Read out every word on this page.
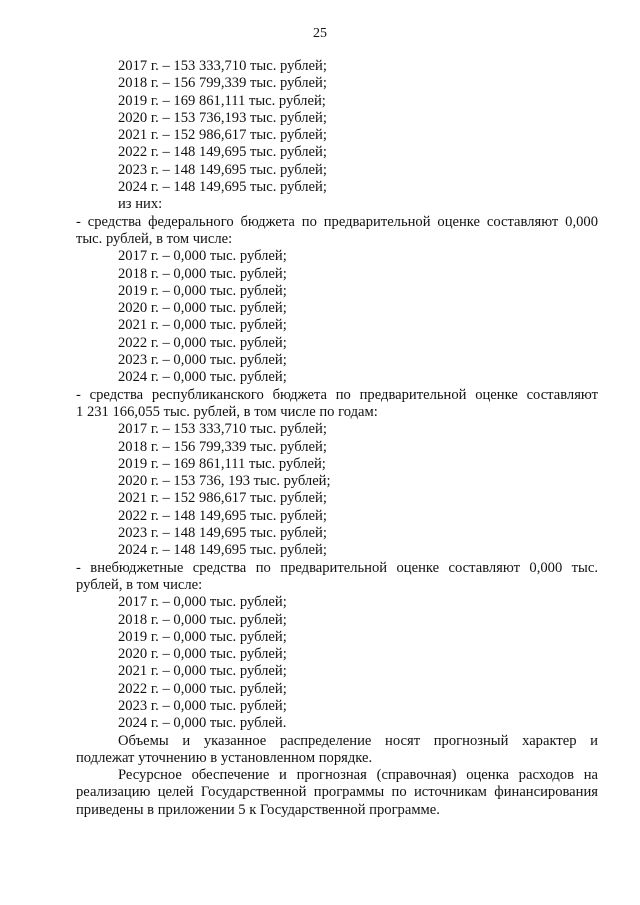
25

2017 г. – 153 333,710 тыс. рублей;

2018 г. – 156 799,339 тыс. рублей;

2019 г. – 169 861,111 тыс. рублей;

2020 г. – 153 736,193 тыс. рублей;

2021 г. – 152 986,617 тыс. рублей;

2022 г. – 148 149,695 тыс. рублей;

2023 г. – 148 149,695 тыс. рублей;

2024 г. – 148 149,695 тыс. рублей;

из них:

- средства федерального бюджета по предварительной оценке составляют 0,000

тыс. рублей, в том числе:

2017 г. – 0,000 тыс. рублей;

2018 г. – 0,000 тыс. рублей;

2019 г. – 0,000 тыс. рублей;

2020 г. – 0,000 тыс. рублей;

2021 г. – 0,000 тыс. рублей;

2022 г. – 0,000 тыс. рублей;

2023 г. – 0,000 тыс. рублей;

2024 г. – 0,000 тыс. рублей;

- средства республиканского бюджета по предварительной оценке составляют

1 231 166,055 тыс. рублей, в том числе по годам:

2017 г. – 153 333,710 тыс. рублей;

2018 г. – 156 799,339 тыс. рублей;

2019 г. – 169 861,111 тыс. рублей;

2020 г. – 153 736, 193 тыс. рублей;

2021 г. – 152 986,617 тыс. рублей;

2022 г. – 148 149,695 тыс. рублей;

2023 г. – 148 149,695 тыс. рублей;

2024 г. – 148 149,695 тыс. рублей;

- внебюджетные средства по предварительной оценке составляют 0,000 тыс.

рублей, в том числе:

2017 г. – 0,000 тыс. рублей;

2018 г. – 0,000 тыс. рублей;

2019 г. – 0,000 тыс. рублей;

2020 г. – 0,000 тыс. рублей;

2021 г. – 0,000 тыс. рублей;

2022 г. – 0,000 тыс. рублей;

2023 г. – 0,000 тыс. рублей;

2024 г. – 0,000 тыс. рублей.

Объемы и указанное распределение носят прогнозный характер и

подлежат уточнению в установленном порядке.

Ресурсное обеспечение и прогнозная (справочная) оценка расходов на

реализацию целей Государственной программы по источникам финансирования

приведены в приложении 5 к Государственной программе.
